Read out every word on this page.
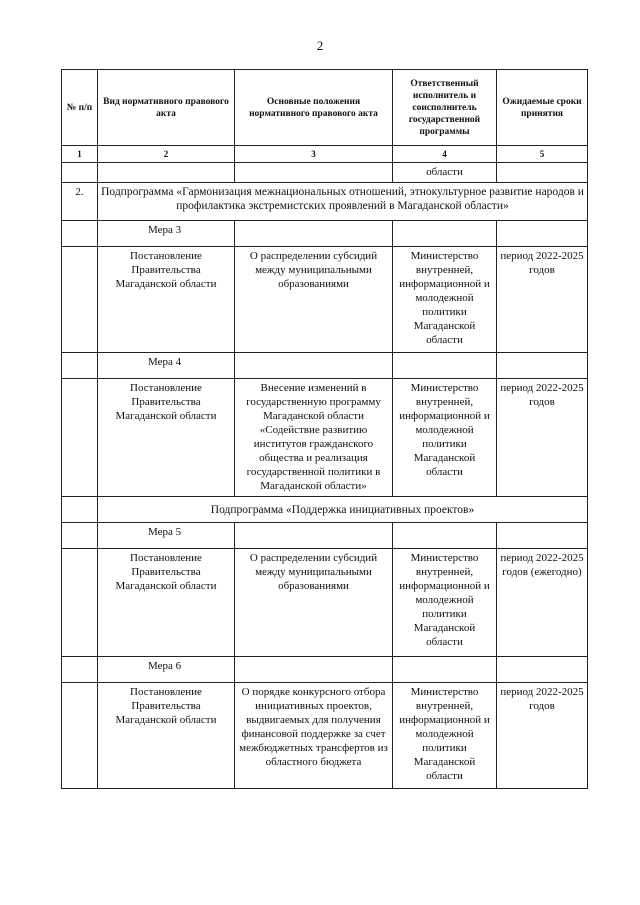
2
№ п/п	Вид нормативного правового акта	Основные положения нормативного правового акта	Ответственный исполнитель и соисполнитель государственной программы	Ожидаемые сроки принятия
1	2	3	4	5
			области	
2.	Подпрограмма «Гармонизация межнациональных отношений, этнокультурное развитие народов и профилактика экстремистских проявлений в Магаданской области»			
	Мера 3			
	Постановление Правительства Магаданской области	О распределении субсидий между муниципальными образованиями	Министерство внутренней, информационной и молодежной политики Магаданской области	период 2022-2025 годов
	Мера 4			
	Постановление Правительства Магаданской области	Внесение изменений в государственную программу Магаданской области «Содействие развитию институтов гражданского общества и реализация государственной политики в Магаданской области»	Министерство внутренней, информационной и молодежной политики Магаданской области	период 2022-2025 годов
	Подпрограмма «Поддержка инициативных проектов»			
	Мера 5			
	Постановление Правительства Магаданской области	О распределении субсидий между муниципальными образованиями	Министерство внутренней, информационной и молодежной политики Магаданской области	период 2022-2025 годов (ежегодно)
	Мера 6			
	Постановление Правительства Магаданской области	О порядке конкурсного отбора инициативных проектов, выдвигаемых для получения финансовой поддержке за счет межбюджетных трансфертов из областного бюджета	Министерство внутренней, информационной и молодежной политики Магаданской области	период 2022-2025 годов
